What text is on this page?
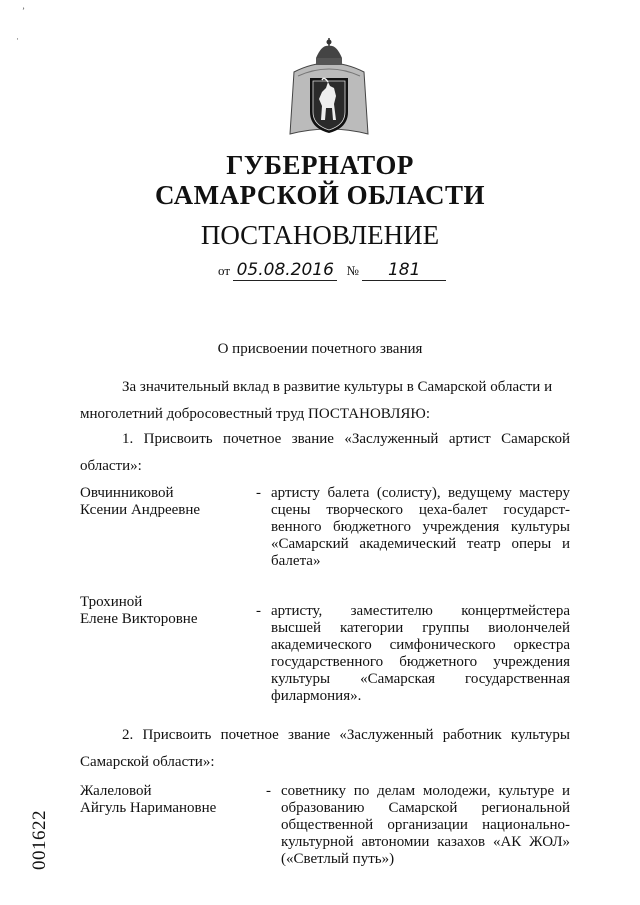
’
·
ГУБЕРНАТОР
САМАРСКОЙ ОБЛАСТИ
ПОСТАНОВЛЕНИЕ
от 05.08.2016 № 181
О присвоении почетного звания
За значительный вклад в развитие культуры в Самарской области и
многолетний добросовестный труд ПОСТАНОВЛЯЮ:
1. Присвоить почетное звание «Заслуженный артист Самарской области»:
Овчинниковой
Ксении Андреевне
- артисту балета (солисту), ведущему мастеру сцены творческого цеха-балет государст-венного бюджетного учреждения культуры «Самарский академический театр оперы и балета»
Трохиной
Елене Викторовне	- артисту, заместителю концертмейстера высшей категории группы виолончелей академического симфонического оркестра государственного бюджетного учреждения культуры «Самарская государственная филармония».
2. Присвоить почетное звание «Заслуженный работник культуры Самарской области»:
Жалеловой
Айгуль Наримановне
- советнику по делам молодежи, культуре и образованию Самарской региональной общественной организации национально-культурной автономии казахов «АК ЖОЛ» («Светлый путь»)
001622
